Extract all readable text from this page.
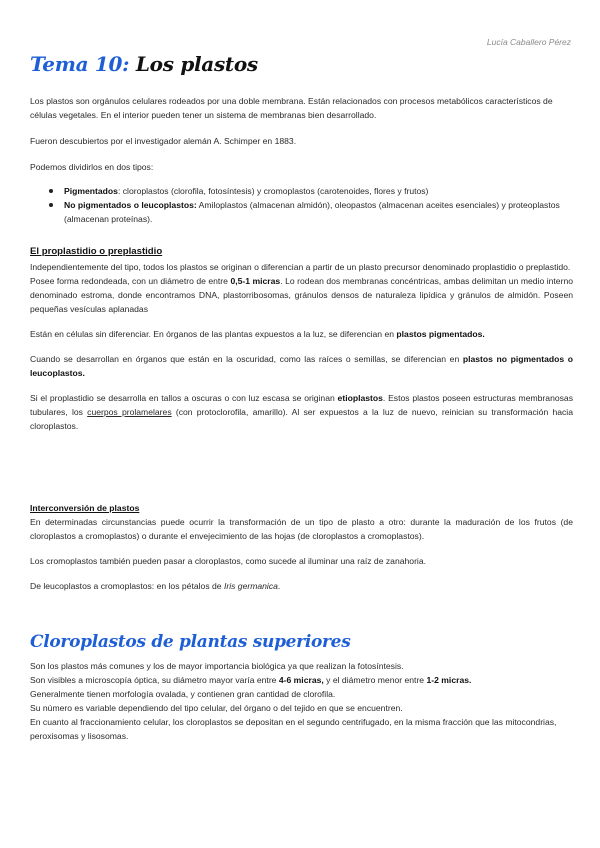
Lucía Caballero Pérez
Tema 10: Los plastos

Los plastos son orgánulos celulares rodeados por una doble membrana. Están relacionados con procesos metabólicos característicos de células vegetales. En el interior pueden tener un sistema de membranas bien desarrollado.

Fueron descubiertos por el investigador alemán A. Schimper en 1883.

Podemos dividirlos en dos tipos:

Pigmentados: cloroplastos (clorofila, fotosíntesis) y cromoplastos (carotenoides, flores y frutos)
No pigmentados o leucoplastos: Amiloplastos (almacenan almidón), oleopastos (almacenan aceites esenciales) y proteoplastos (almacenan proteínas).
El proplastidio o preplastidio

Independientemente del tipo, todos los plastos se originan o diferencian a partir de un plasto precursor denominado proplastidio o preplastido.

Posee forma redondeada, con un diámetro de entre 0,5-1 micras. Lo rodean dos membranas concéntricas, ambas delimitan un medio interno denominado estroma, donde encontramos DNA, plastorribosomas, gránulos densos de naturaleza lipídica y gránulos de almidón. Poseen pequeñas vesículas aplanadas

Están en células sin diferenciar. En órganos de las plantas expuestos a la luz, se diferencian en plastos pigmentados.

Cuando se desarrollan en órganos que están en la oscuridad, como las raíces o semillas, se diferencian en plastos no pigmentados o leucoplastos.

Si el proplastidio se desarrolla en tallos a oscuras o con luz escasa se originan etioplastos. Estos plastos poseen estructuras membranosas tubulares, los cuerpos prolamelares (con protoclorofila, amarillo). Al ser expuestos a la luz de nuevo, reinician su transformación hacia cloroplastos.

Interconversión de plastos

En determinadas circunstancias puede ocurrir la transformación de un tipo de plasto a otro: durante la maduración de los frutos (de cloroplastos a cromoplastos) o durante el envejecimiento de las hojas (de cloroplastos a cromoplastos).

Los cromoplastos también pueden pasar a cloroplastos, como sucede al iluminar una raíz de zanahoria.

De leucoplastos a cromoplastos: en los pétalos de Iris germanica.

Cloroplastos de plantas superiores

Son los plastos más comunes y los de mayor importancia biológica ya que realizan la fotosíntesis.

Son visibles a microscopía óptica, su diámetro mayor varía entre 4-6 micras, y el diámetro menor entre 1-2 micras.

Generalmente tienen morfología ovalada, y contienen gran cantidad de clorofila.

Su número es variable dependiendo del tipo celular, del órgano o del tejido en que se encuentren.

En cuanto al fraccionamiento celular, los cloroplastos se depositan en el segundo centrifugado, en la misma fracción que las mitocondrias, peroxisomas y lisosomas.
